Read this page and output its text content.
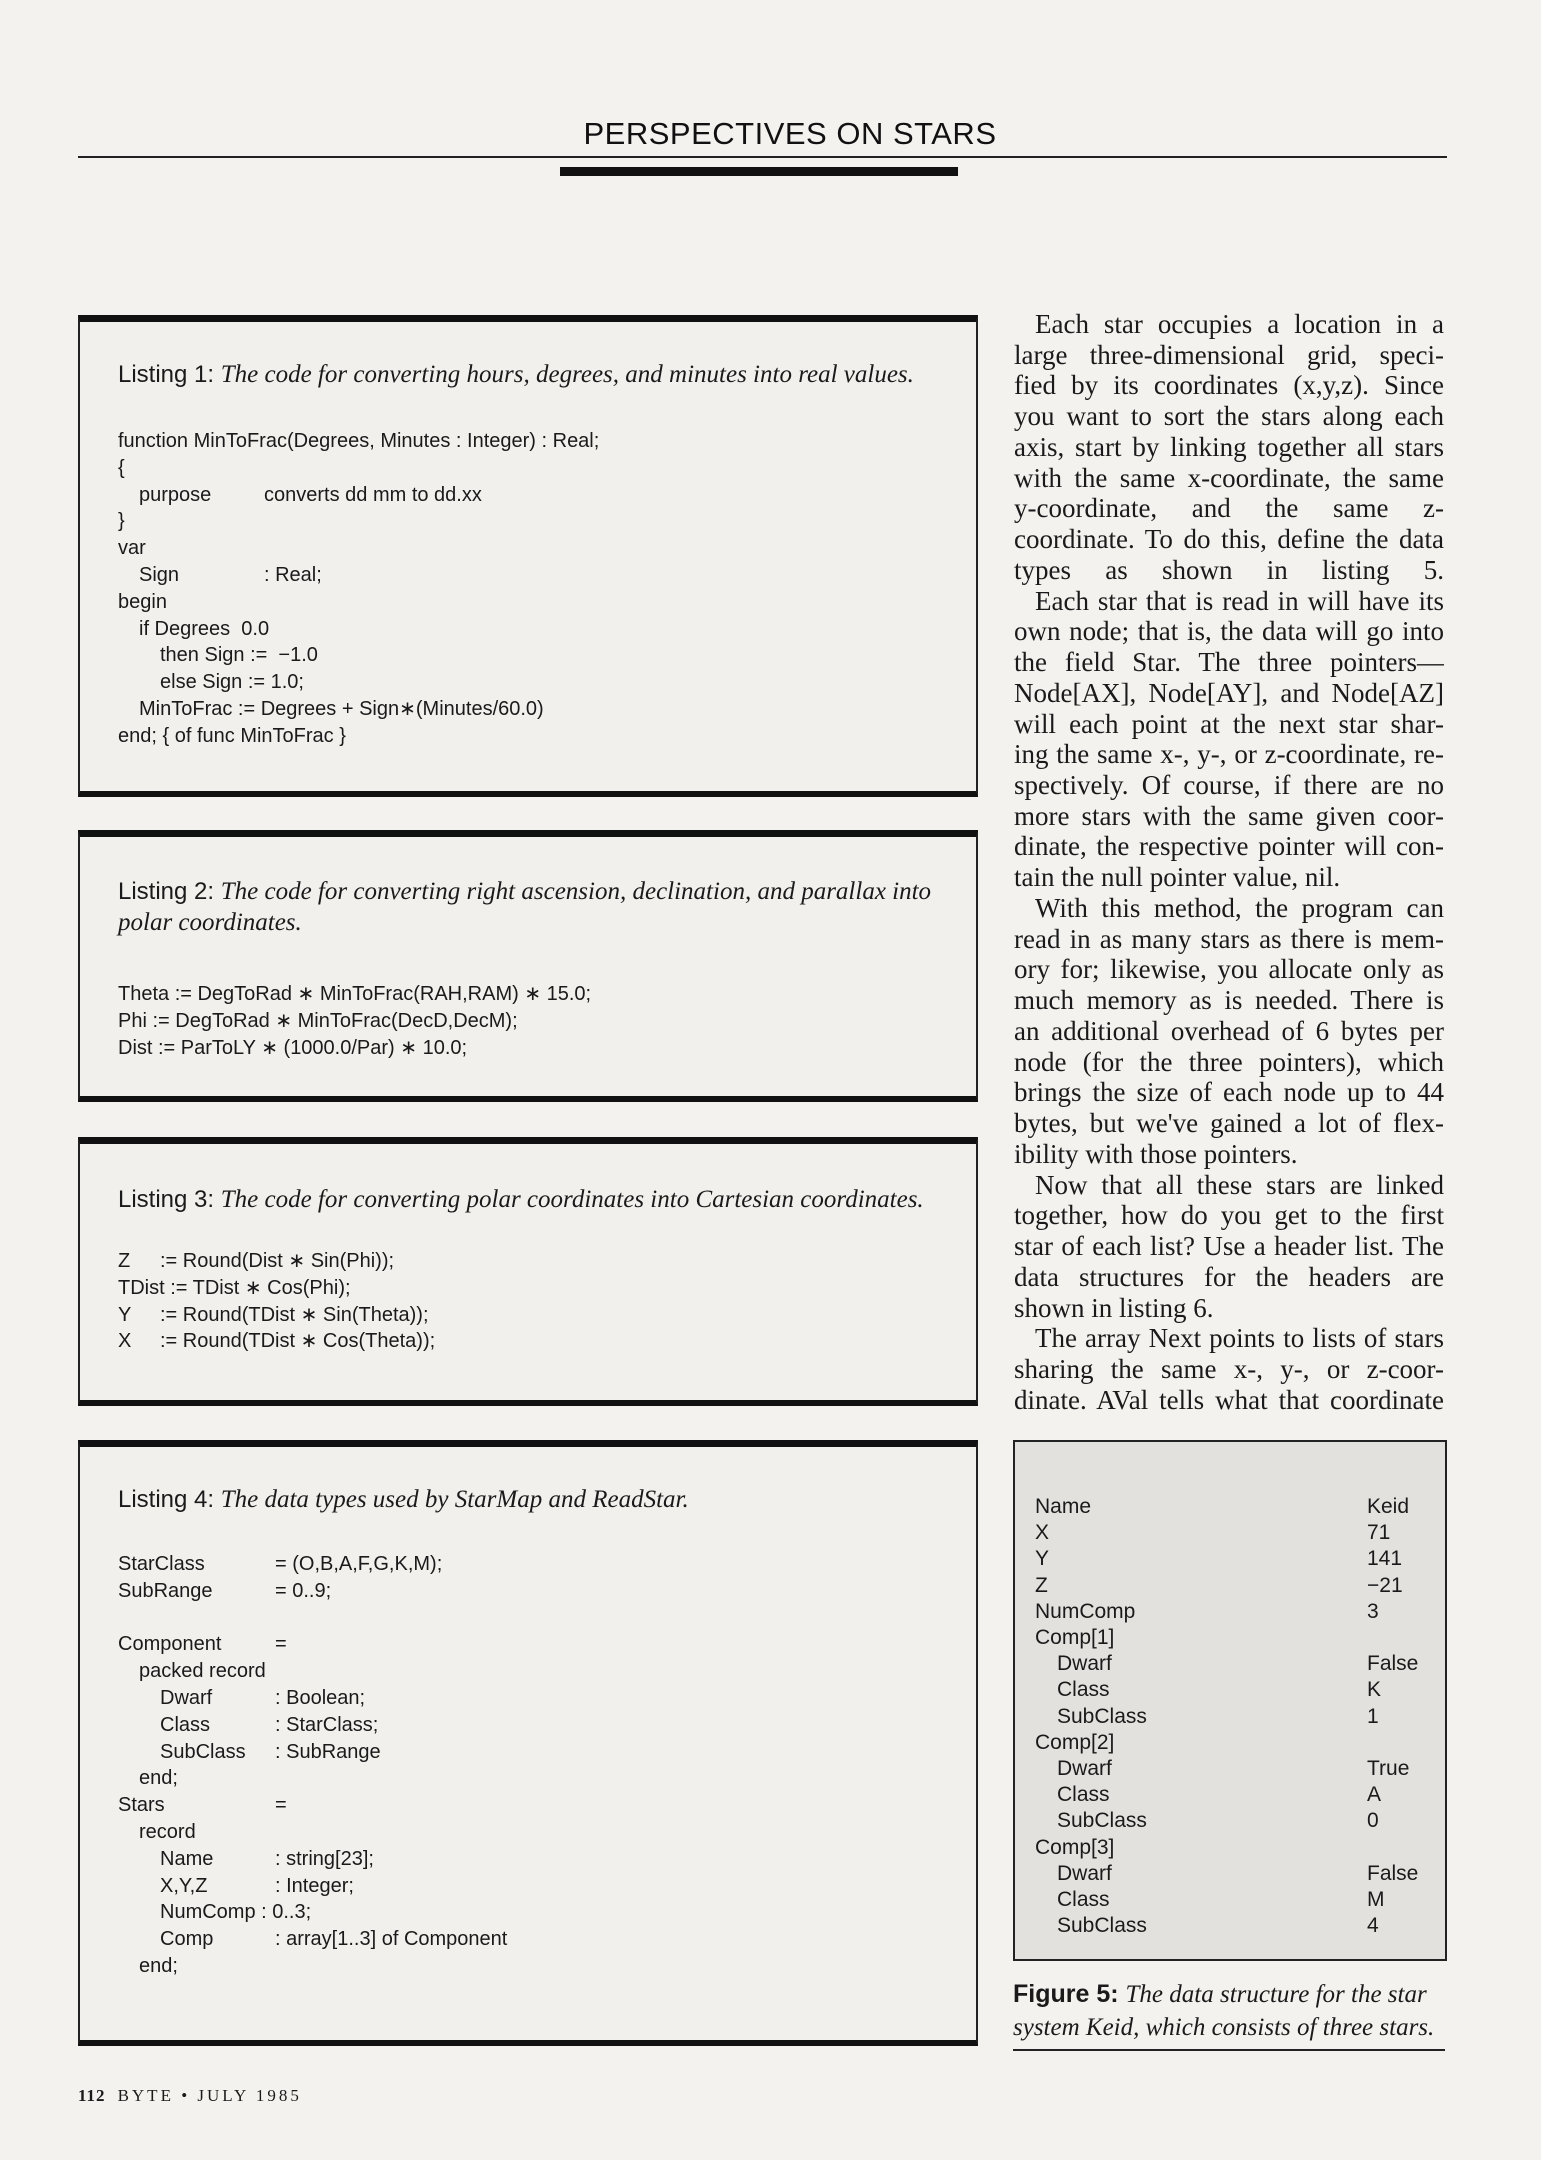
PERSPECTIVES ON STARS
Listing 1: The code for converting hours, degrees, and minutes into real values.
function MinToFrac(Degrees, Minutes : Integer) : Real;
{
purpose	converts dd mm to dd.xx
}
var
Sign	: Real;
begin
if Degrees  0.0
then Sign :=  −1.0
else Sign := 1.0;
MinToFrac := Degrees + Sign∗(Minutes/60.0)
end; { of func MinToFrac }
Listing 2: The code for converting right ascension, declination, and parallax into polar coordinates.
Theta := DegToRad ∗ MinToFrac(RAH,RAM) ∗ 15.0;
Phi := DegToRad ∗ MinToFrac(DecD,DecM);
Dist := ParToLY ∗ (1000.0/Par) ∗ 10.0;
Listing 3: The code for converting polar coordinates into Cartesian coordinates.
Z := Round(Dist ∗ Sin(Phi));
TDist := TDist ∗ Cos(Phi);
Y := Round(TDist ∗ Sin(Theta));
X := Round(TDist ∗ Cos(Theta));
Listing 4: The data types used by StarMap and ReadStar.
StarClass	= (O,B,A,F,G,K,M);
SubRange	= 0..9;
Component	=
packed record
Dwarf	: Boolean;
Class	: StarClass;
SubClass : SubRange
end;
Stars	=
record
Name	: string[23];
X,Y,Z	: Integer;
NumComp : 0..3;
Comp	: array[1..3] of Component
end;
Each star occupies a location in a
large three-dimensional grid, speci-
fied by its coordinates (x,y,z). Since
you want to sort the stars along each
axis, start by linking together all stars
with the same x-coordinate, the same
y-coordinate, and the same z-
coordinate. To do this, define the data
types as shown in listing 5.
Each star that is read in will have its
own node; that is, the data will go into
the field Star. The three pointers—
Node[AX], Node[AY], and Node[AZ]
will each point at the next star shar-
ing the same x-, y-, or z-coordinate, re-
spectively. Of course, if there are no
more stars with the same given coor-
dinate, the respective pointer will con-
tain the null pointer value, nil.
With this method, the program can
read in as many stars as there is mem-
ory for; likewise, you allocate only as
much memory as is needed. There is
an additional overhead of 6 bytes per
node (for the three pointers), which
brings the size of each node up to 44
bytes, but we've gained a lot of flex-
ibility with those pointers.
Now that all these stars are linked
together, how do you get to the first
star of each list? Use a header list. The
data structures for the headers are
shown in listing 6.
The array Next points to lists of stars
sharing the same x-, y-, or z-coor-
dinate. AVal tells what that coordinate
Name	Keid
X	71
Y	141
Z	−21
NumComp	3
Comp[1]
Dwarf	False
Class	K
SubClass	1
Comp[2]
Dwarf	True
Class	A
SubClass	0
Comp[3]
Dwarf	False
Class	M
SubClass	4
Figure 5: The data structure for the star system Keid, which consists of three stars.
112 BYTE • JULY 1985
